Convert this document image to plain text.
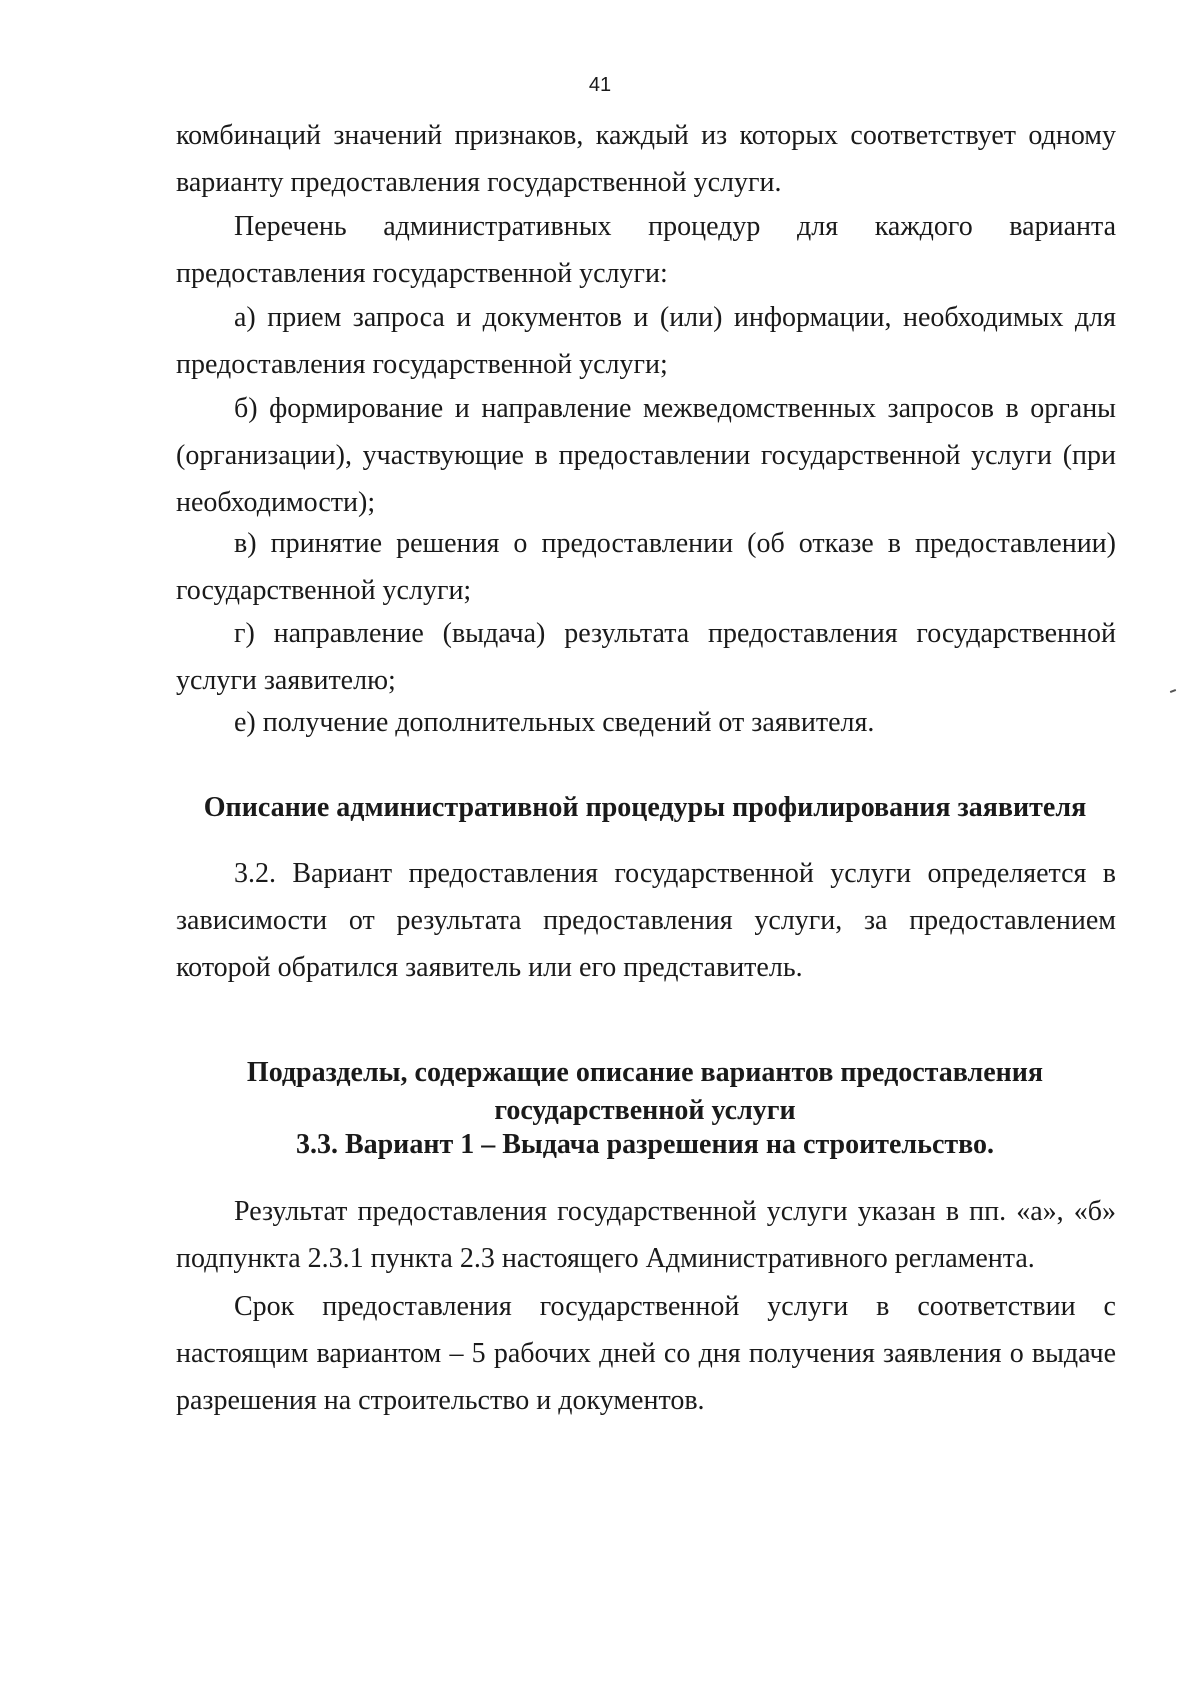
41
комбинаций значений признаков, каждый из которых соответствует одному варианту предоставления государственной услуги.
Перечень административных процедур для каждого варианта предоставления государственной услуги:
а) прием запроса и документов и (или) информации, необходимых для предоставления государственной услуги;
б) формирование и направление межведомственных запросов в органы (организации), участвующие в предоставлении государственной услуги (при необходимости);
в) принятие решения о предоставлении (об отказе в предоставлении) государственной услуги;
г) направление (выдача) результата предоставления государственной услуги заявителю;
е) получение дополнительных сведений от заявителя.
Описание административной процедуры профилирования заявителя
3.2. Вариант предоставления государственной услуги определяется в зависимости от результата предоставления услуги, за предоставлением которой обратился заявитель или его представитель.
Подразделы, содержащие описание вариантов предоставления государственной услуги
3.3. Вариант 1 – Выдача разрешения на строительство.
Результат предоставления государственной услуги указан в пп. «а», «б» подпункта 2.3.1 пункта 2.3 настоящего Административного регламента.
Срок предоставления государственной услуги в соответствии с настоящим вариантом – 5 рабочих дней со дня получения заявления о выдаче разрешения на строительство и документов.
